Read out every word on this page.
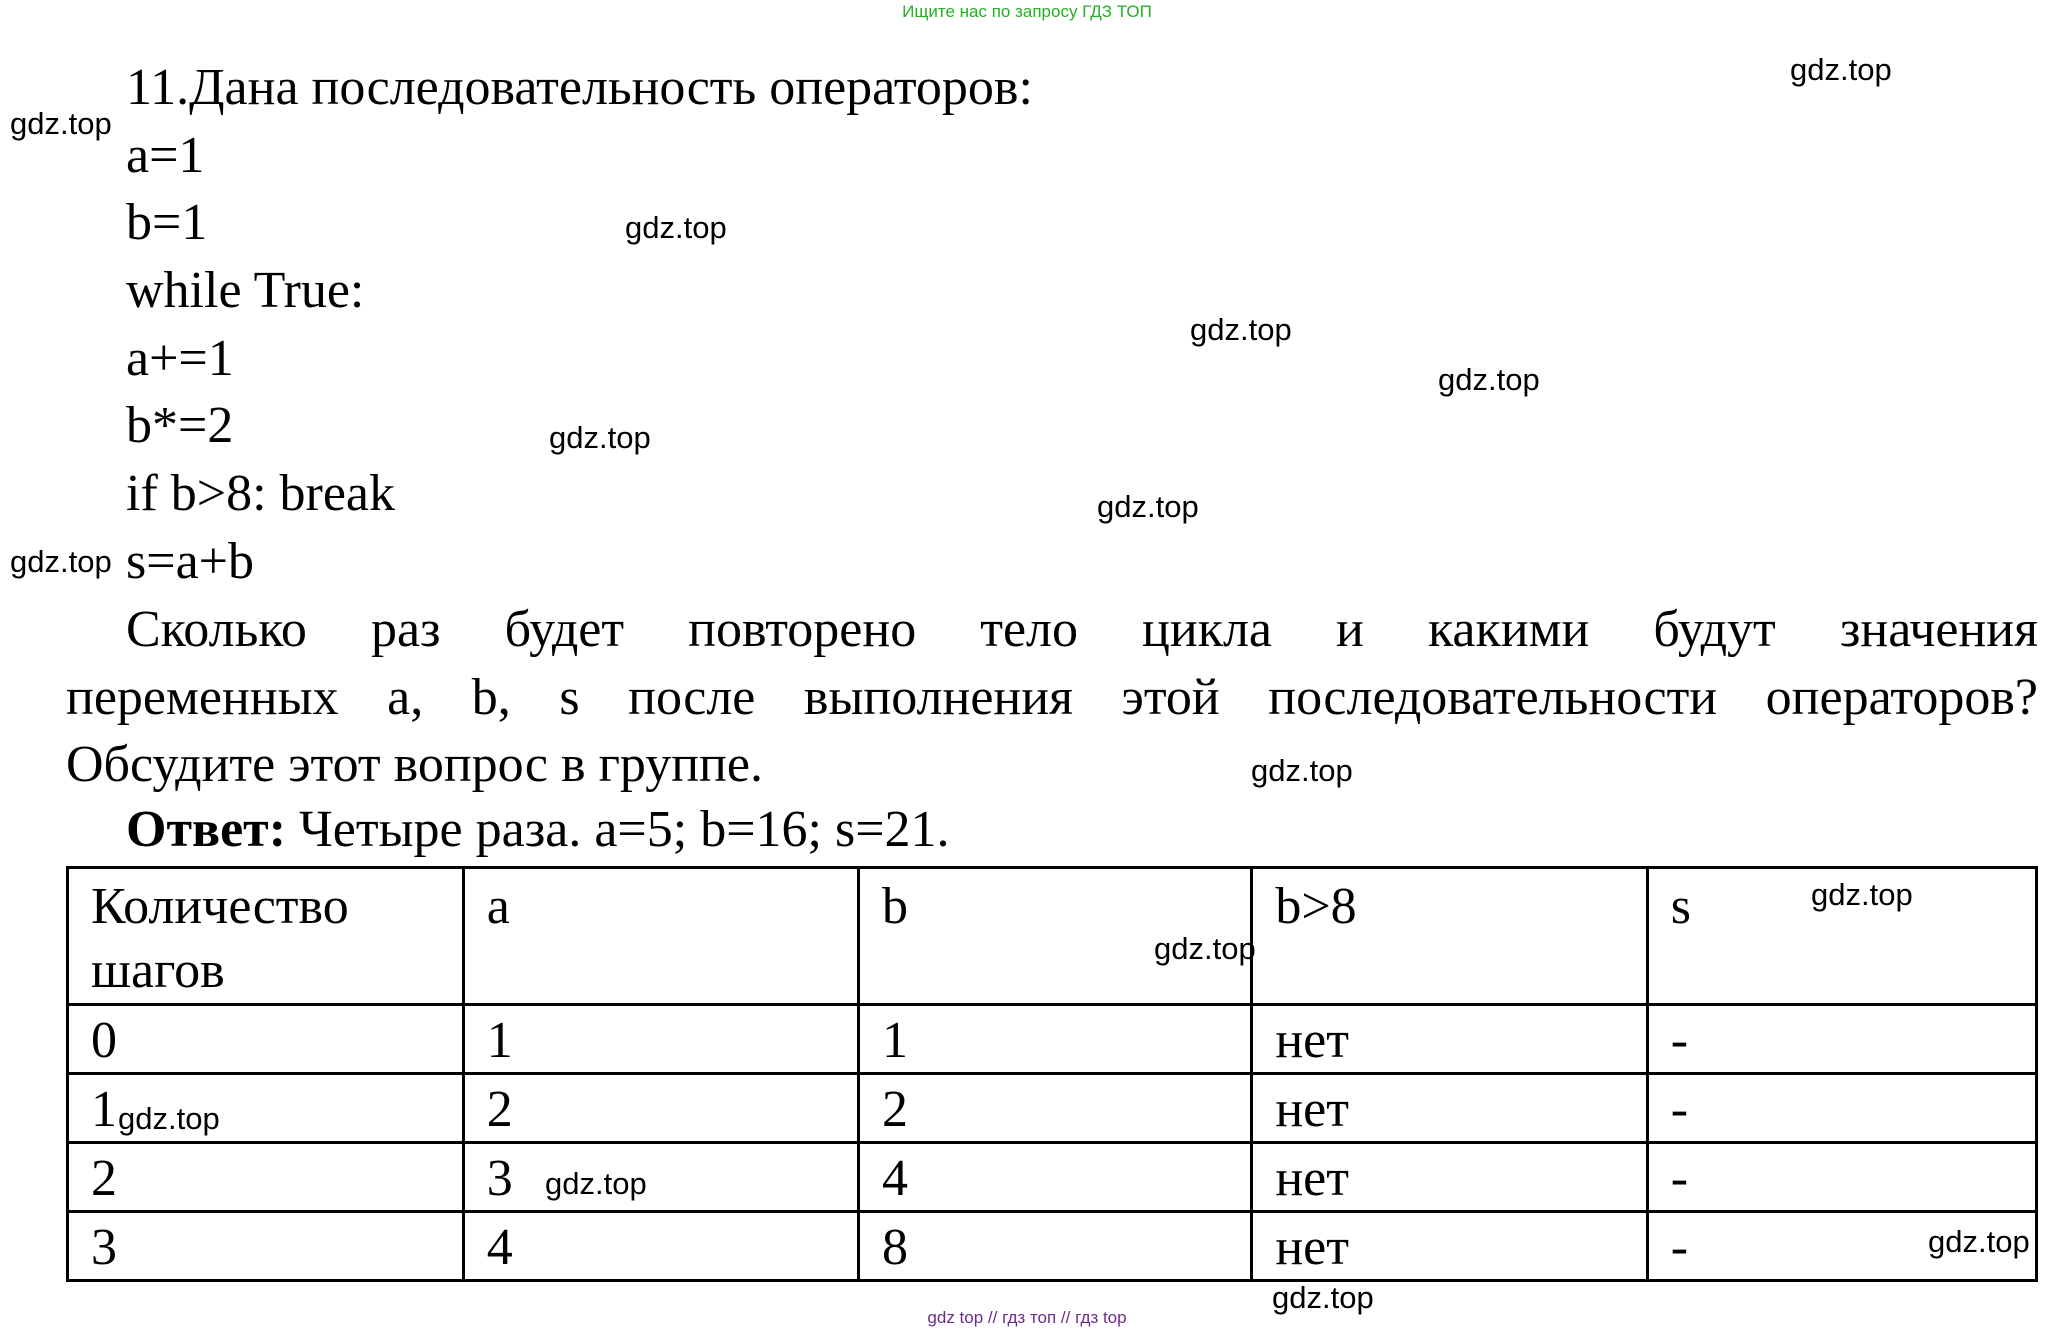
Ищите нас по запросу ГДЗ ТОП
11.Дана последовательность операторов:
a=1
b=1
while True:
a+=1
b*=2
if b>8: break
s=a+b
Сколько раз будет повторено тело цикла и какими будут значения
переменных a, b, s после выполнения этой последовательности операторов?
Обсудите этот вопрос в группе.
Ответ: Четыре раза. a=5; b=16; s=21.
Количество шагов	a	b	b>8	s
0	1	1	нет	-
1	2	2	нет	-
2	3	4	нет	-
3	4	8	нет	-
gdz.top
gdz.top
gdz.top
gdz.top
gdz.top
gdz.top
gdz.top
gdz.top
gdz.top
gdz.top
gdz.top
gdz.top
gdz.top
gdz.top
gdz.top
gdz top // гдз топ // гдз top
